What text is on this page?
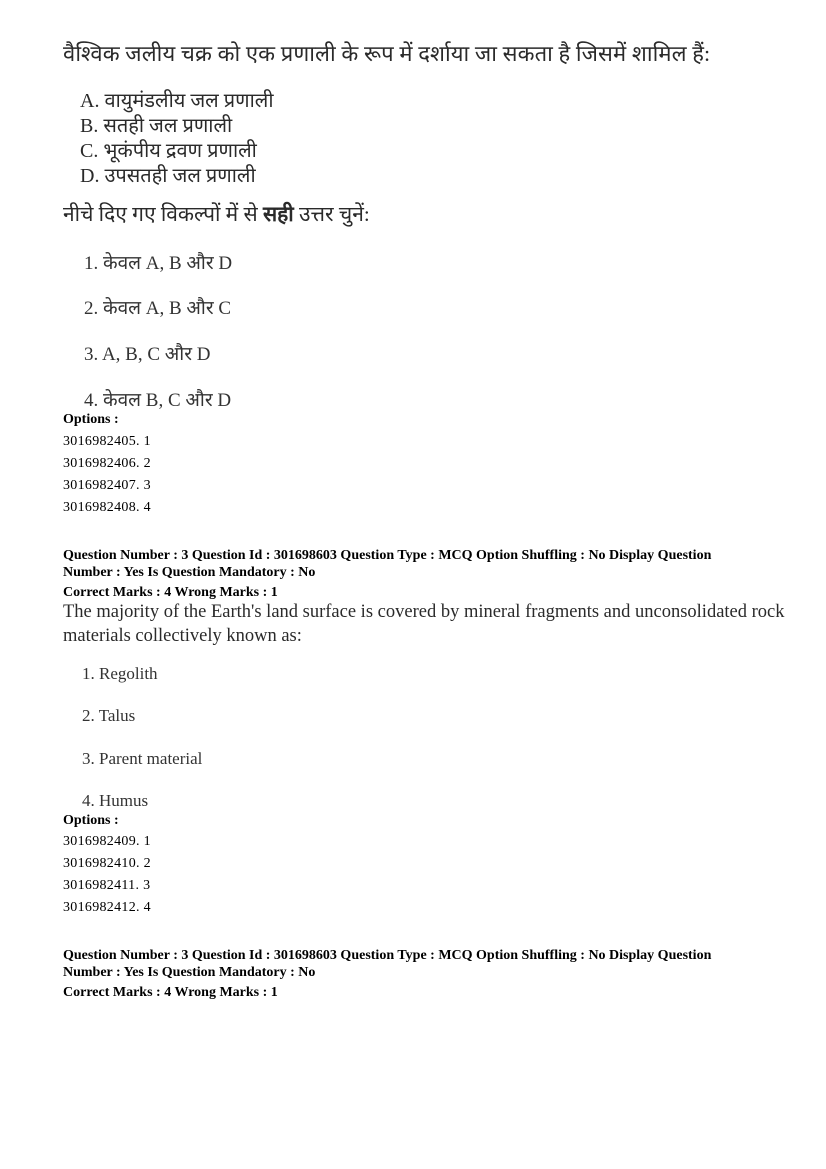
वैश्विक जलीय चक्र को एक प्रणाली के रूप में दर्शाया जा सकता है जिसमें शामिल हैं:
A. वायुमंडलीय जल प्रणाली
B. सतही जल प्रणाली
C. भूकंपीय द्रवण प्रणाली
D. उपसतही जल प्रणाली
नीचे दिए गए विकल्पों में से सही उत्तर चुनें:
1. केवल A, B और D
2. केवल A, B और C
3. A, B, C और D
4. केवल B, C और D
Options :
3016982405. 1
3016982406. 2
3016982407. 3
3016982408. 4
Question Number : 3 Question Id : 301698603 Question Type : MCQ Option Shuffling : No Display Question
Number : Yes Is Question Mandatory : No
Correct Marks : 4 Wrong Marks : 1
The majority of the Earth's land surface is covered by mineral fragments and unconsolidated rock materials collectively known as:
1. Regolith
2. Talus
3. Parent material
4. Humus
Options :
3016982409. 1
3016982410. 2
3016982411. 3
3016982412. 4
Question Number : 3 Question Id : 301698603 Question Type : MCQ Option Shuffling : No Display Question
Number : Yes Is Question Mandatory : No
Correct Marks : 4 Wrong Marks : 1
